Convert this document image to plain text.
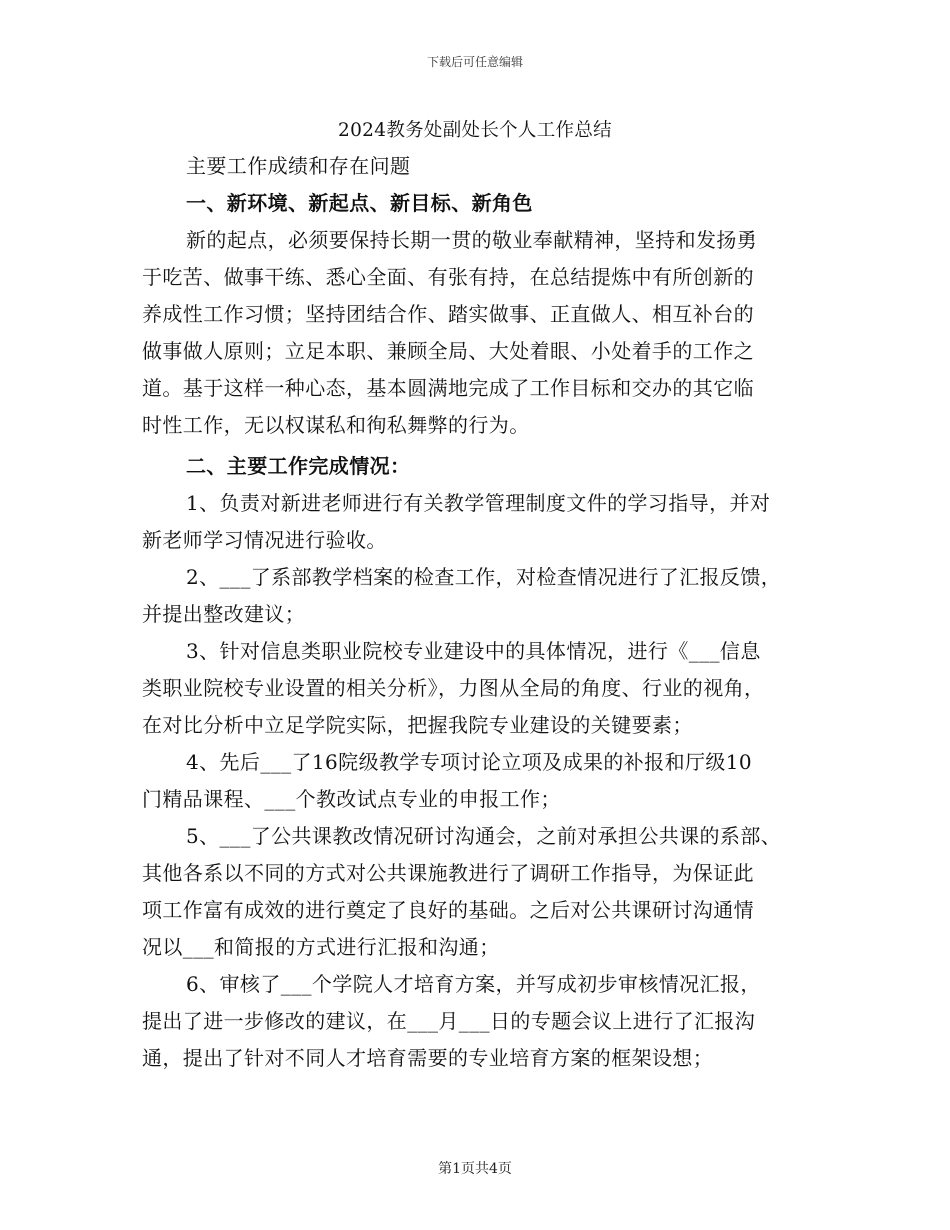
下载后可任意编辑
2024教务处副处长个人工作总结
主要工作成绩和存在问题
一、新环境、新起点、新目标、新角色
新的起点，必须要保持长期一贯的敬业奉献精神，坚持和发扬勇
于吃苦、做事干练、悉心全面、有张有持，在总结提炼中有所创新的
养成性工作习惯；坚持团结合作、踏实做事、正直做人、相互补台的
做事做人原则；立足本职、兼顾全局、大处着眼、小处着手的工作之
道。基于这样一种心态，基本圆满地完成了工作目标和交办的其它临
时性工作，无以权谋私和徇私舞弊的行为。
二、主要工作完成情况：
1、负责对新进老师进行有关教学管理制度文件的学习指导，并对
新老师学习情况进行验收。
2、___了系部教学档案的检查工作，对检查情况进行了汇报反馈，
并提出整改建议；
3、针对信息类职业院校专业建设中的具体情况，进行《___信息
类职业院校专业设置的相关分析》，力图从全局的角度、行业的视角，
在对比分析中立足学院实际，把握我院专业建设的关键要素；
4、先后___了16院级教学专项讨论立项及成果的补报和厅级10
门精品课程、___个教改试点专业的申报工作；
5、___了公共课教改情况研讨沟通会，之前对承担公共课的系部、
其他各系以不同的方式对公共课施教进行了调研工作指导，为保证此
项工作富有成效的进行奠定了良好的基础。之后对公共课研讨沟通情
况以___和简报的方式进行汇报和沟通；
6、审核了___个学院人才培育方案，并写成初步审核情况汇报，
提出了进一步修改的建议，在___月___日的专题会议上进行了汇报沟
通，提出了针对不同人才培育需要的专业培育方案的框架设想；
第1页共4页
